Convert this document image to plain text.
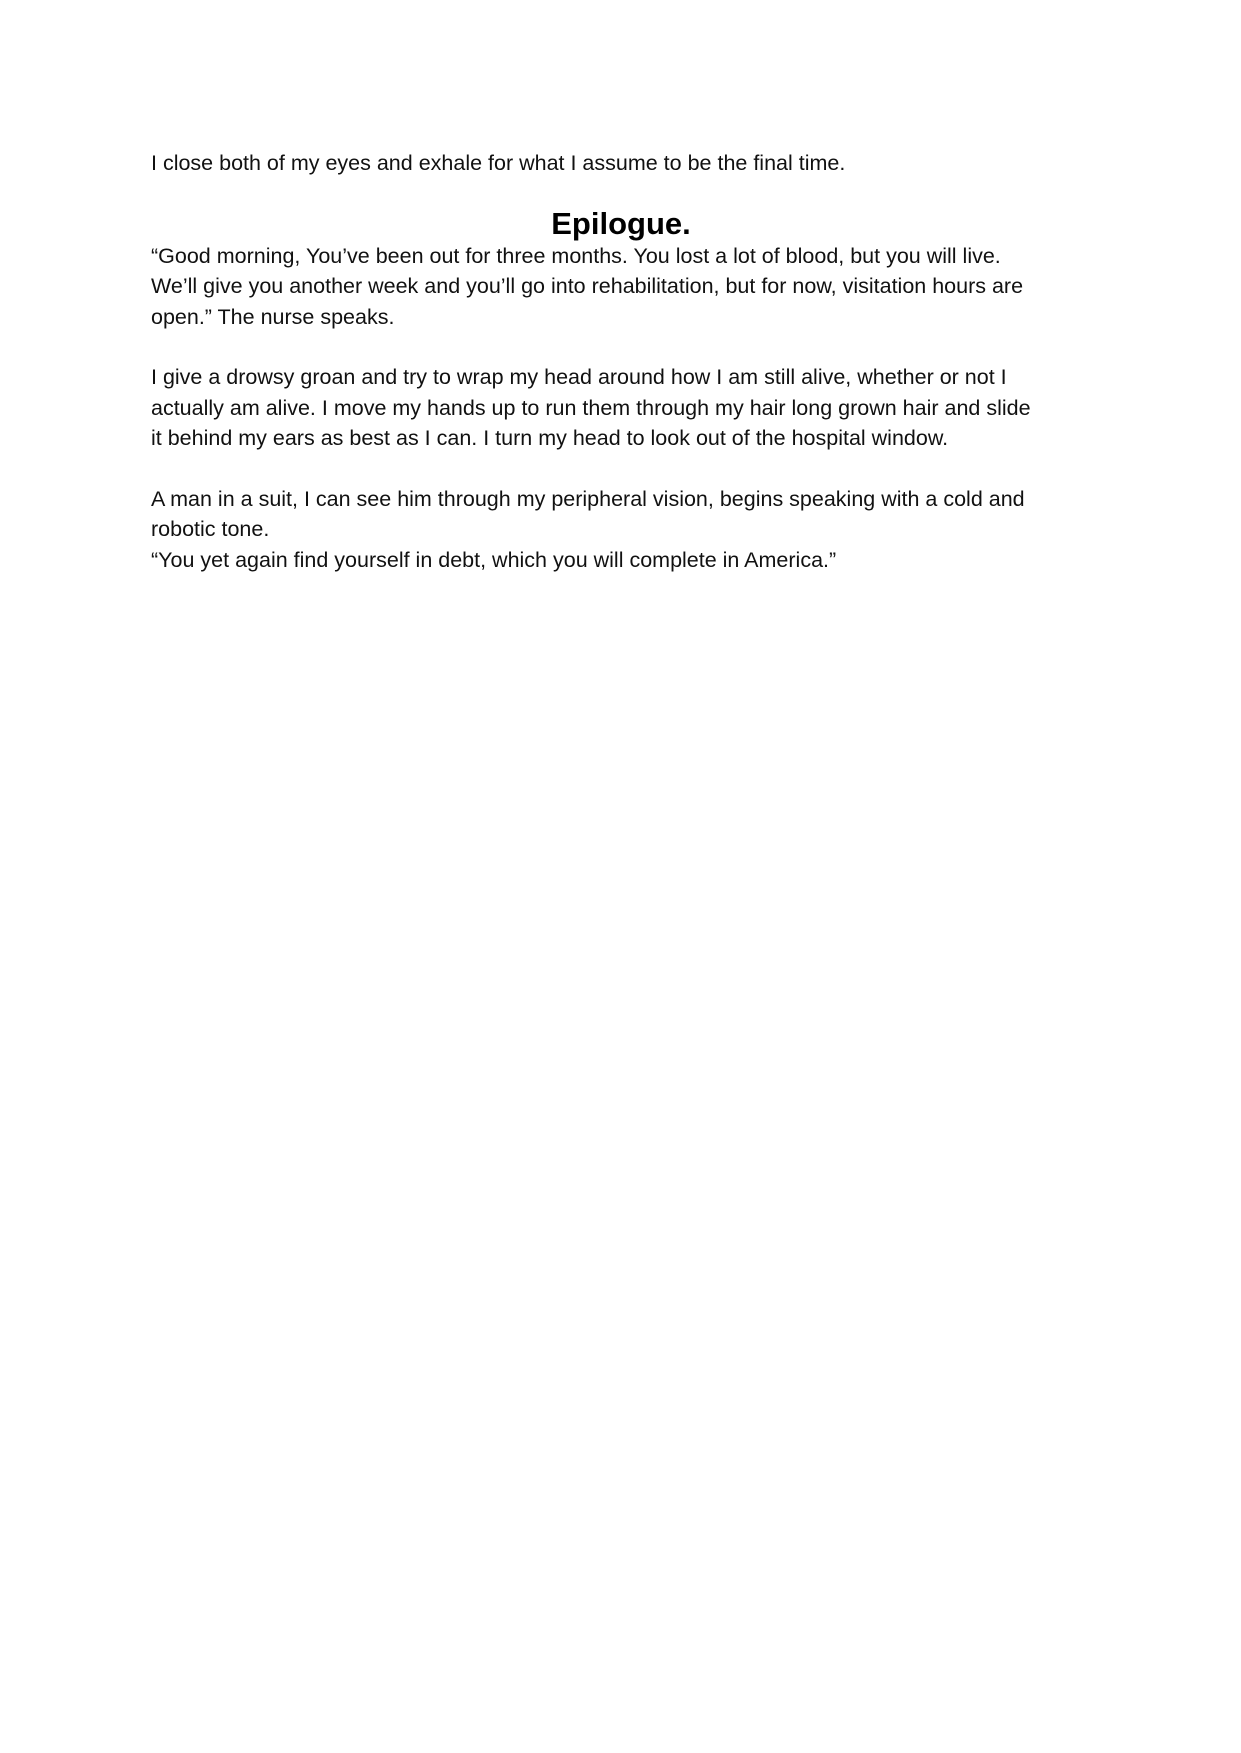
I close both of my eyes and exhale for what I assume to be the final time.

Epilogue.

“Good morning, You’ve been out for three months. You lost a lot of blood, but you will live.
We’ll give you another week and you’ll go into rehabilitation, but for now, visitation hours are
open.” The nurse speaks.

I give a drowsy groan and try to wrap my head around how I am still alive, whether or not I
actually am alive. I move my hands up to run them through my hair long grown hair and slide
it behind my ears as best as I can. I turn my head to look out of the hospital window.

A man in a suit, I can see him through my peripheral vision, begins speaking with a cold and
robotic tone.
“You yet again find yourself in debt, which you will complete in America.”
